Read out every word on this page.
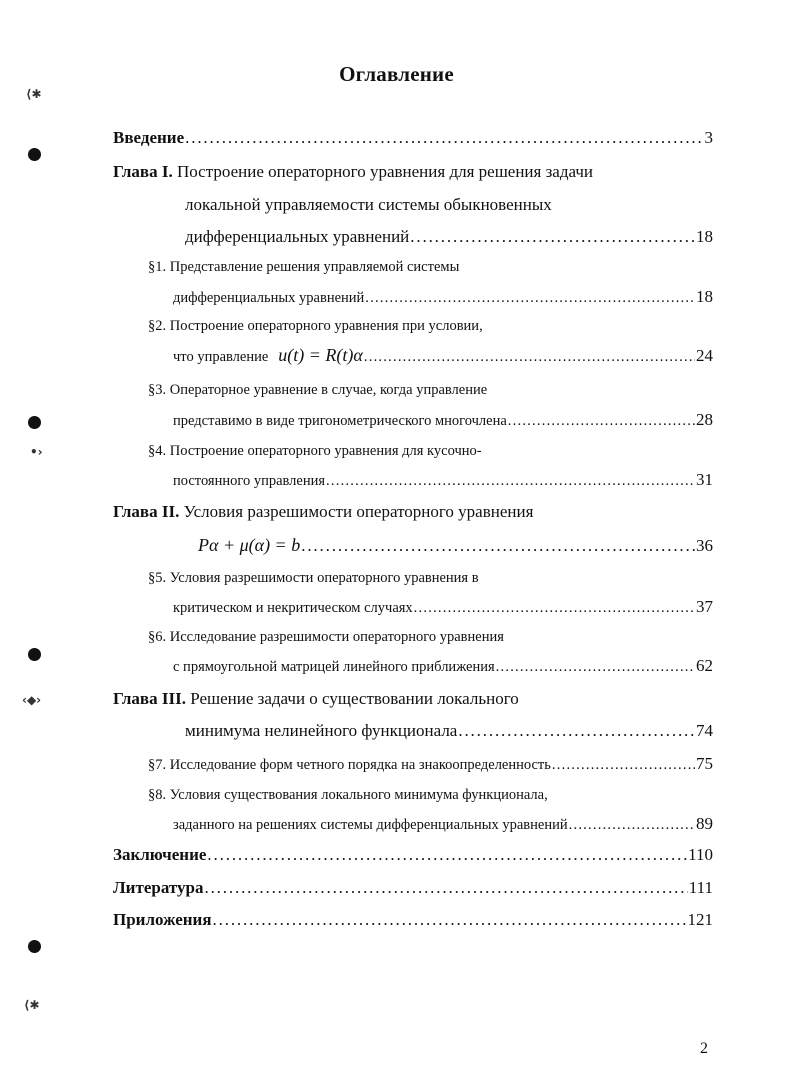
Оглавление
Введение . . .	3
Глава I. Построение операторного уравнения для решения задачи
локальной управляемости системы обыкновенных
дифференциальных уравнений . . .	18
§1. Представление решения управляемой системы
дифференциальных уравнений . . .	18
§2. Построение операторного уравнения при условии,
что управление u(t) = R(t)α . . .	24
§3. Операторное уравнение в случае, когда управление
представимо в виде тригонометрического многочлена . . .	28
§4. Построение операторного уравнения для кусочно-
постоянного управления . . .	31
Глава II. Условия разрешимости операторного уравнения
Pα + μ(α) = b . . .	36
§5. Условия разрешимости операторного уравнения в
критическом и некритическом случаях . . .	37
§6. Исследование разрешимости операторного уравнения
с прямоугольной матрицей линейного приближения . . .	62
Глава III. Решение задачи о существовании локального
минимума нелинейного функционала . . .	74
§7. Исследование форм четного порядка на знакоопределенность . . .	75
§8. Условия существования локального минимума функционала,
заданного на решениях системы дифференциальных уравнений . . .	89
Заключение . . .	110
Литература . . .	111
Приложения . . .	121
⟨✱
•›
‹◆›
⟨✱
2
